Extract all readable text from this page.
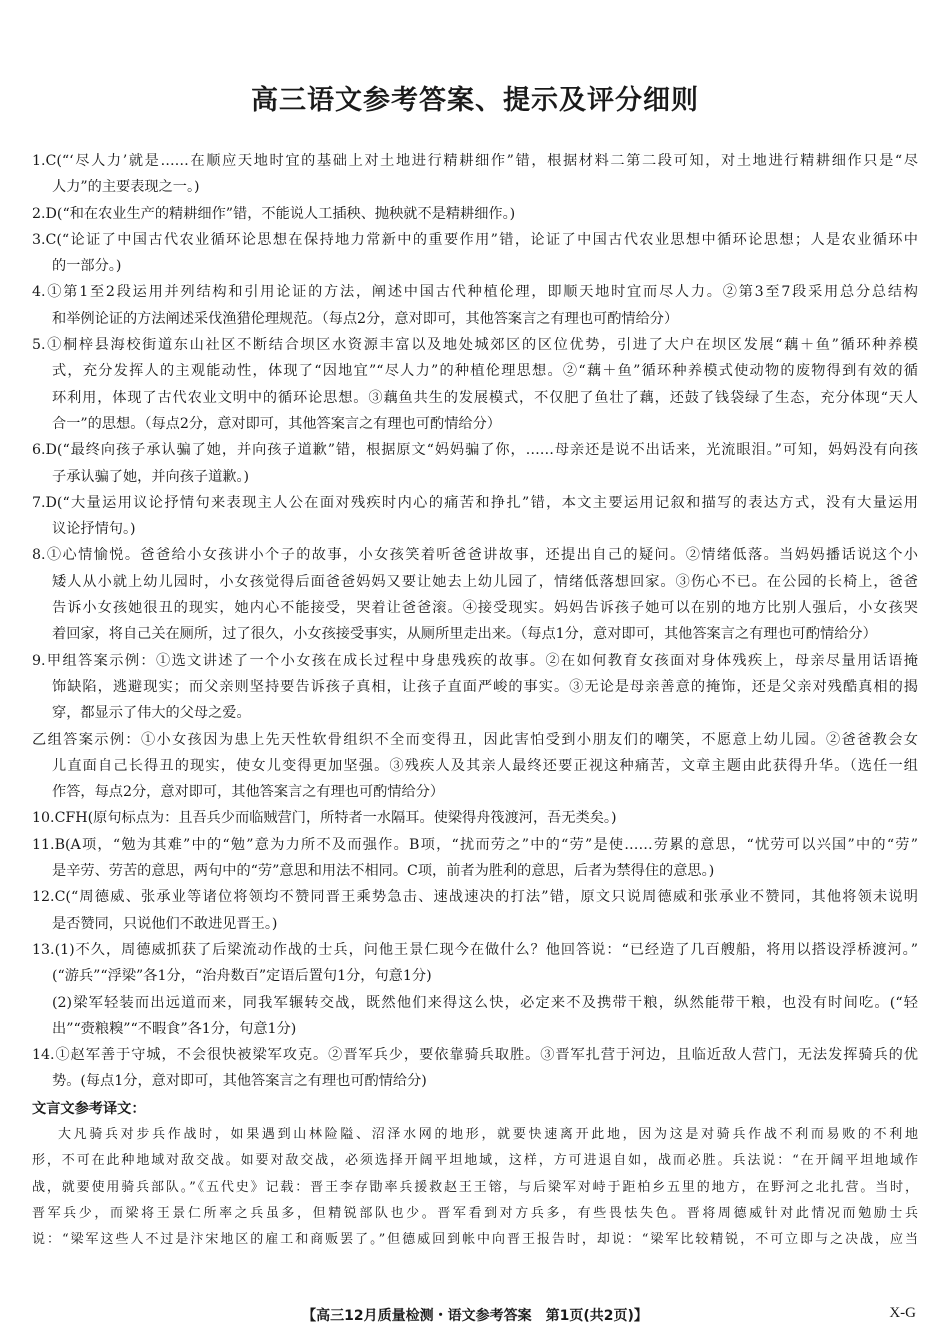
高三语文参考答案、提示及评分细则
1.C(“‘尽人力’就是……在顺应天地时宜的基础上对土地进行精耕细作”错，根据材料二第二段可知，对土地进行精耕细作只是“尽
人力”的主要表现之一。)
2.D(“和在农业生产的精耕细作”错，不能说人工插秧、抛秧就不是精耕细作。)
3.C(“论证了中国古代农业循环论思想在保持地力常新中的重要作用”错，论证了中国古代农业思想中循环论思想；人是农业循环中
的一部分。)
4.①第1至2段运用并列结构和引用论证的方法，阐述中国古代种植伦理，即顺天地时宜而尽人力。②第3至7段采用总分总结构
和举例论证的方法阐述采伐渔猎伦理规范。（每点2分，意对即可，其他答案言之有理也可酌情给分）
5.①桐梓县海校街道东山社区不断结合坝区水资源丰富以及地处城郊区的区位优势，引进了大户在坝区发展“藕＋鱼”循环种养模
式，充分发挥人的主观能动性，体现了“因地宜”“尽人力”的种植伦理思想。②“藕＋鱼”循环种养模式使动物的废物得到有效的循
环利用，体现了古代农业文明中的循环论思想。③藕鱼共生的发展模式，不仅肥了鱼壮了藕，还鼓了钱袋绿了生态，充分体现“天人
合一”的思想。（每点2分，意对即可，其他答案言之有理也可酌情给分）
6.D(“最终向孩子承认骗了她，并向孩子道歉”错，根据原文“妈妈骗了你，……母亲还是说不出话来，光流眼泪。”可知，妈妈没有向孩
子承认骗了她，并向孩子道歉。)
7.D(“大量运用议论抒情句来表现主人公在面对残疾时内心的痛苦和挣扎”错，本文主要运用记叙和描写的表达方式，没有大量运用
议论抒情句。)
8.①心情愉悦。爸爸给小女孩讲小个子的故事，小女孩笑着听爸爸讲故事，还提出自己的疑问。②情绪低落。当妈妈播话说这个小
矮人从小就上幼儿园时，小女孩觉得后面爸爸妈妈又要让她去上幼儿园了，情绪低落想回家。③伤心不已。在公园的长椅上，爸爸
告诉小女孩她很丑的现实，她内心不能接受，哭着让爸爸滚。④接受现实。妈妈告诉孩子她可以在别的地方比别人强后，小女孩哭
着回家，将自己关在厕所，过了很久，小女孩接受事实，从厕所里走出来。（每点1分，意对即可，其他答案言之有理也可酌情给分）
9.甲组答案示例：①选文讲述了一个小女孩在成长过程中身患残疾的故事。②在如何教育女孩面对身体残疾上，母亲尽量用话语掩
饰缺陷，逃避现实；而父亲则坚持要告诉孩子真相，让孩子直面严峻的事实。③无论是母亲善意的掩饰，还是父亲对残酷真相的揭
穿，都显示了伟大的父母之爱。
乙组答案示例：①小女孩因为患上先天性软骨组织不全而变得丑，因此害怕受到小朋友们的嘲笑，不愿意上幼儿园。②爸爸教会女
儿直面自己长得丑的现实，使女儿变得更加坚强。③残疾人及其亲人最终还要正视这种痛苦，文章主题由此获得升华。（选任一组
作答，每点2分，意对即可，其他答案言之有理也可酌情给分）
10.CFH(原句标点为：且吾兵少而临贼营门，所特者一水隔耳。使梁得舟筏渡河，吾无类矣。)
11.B(A项，“勉为其难”中的“勉”意为力所不及而强作。B项，“扰而劳之”中的“劳”是使……劳累的意思，“忧劳可以兴国”中的“劳”
是辛劳、劳苦的意思，两句中的“劳”意思和用法不相同。C项，前者为胜利的意思，后者为禁得住的意思。)
12.C(“周德威、张承业等诸位将领均不赞同晋王乘势急击、速战速决的打法”错，原文只说周德威和张承业不赞同，其他将领未说明
是否赞同，只说他们不敢进见晋王。)
13.(1)不久，周德威抓获了后梁流动作战的士兵，问他王景仁现今在做什么？他回答说：“已经造了几百艘船，将用以搭设浮桥渡河。”
(“游兵”“浮梁”各1分，“治舟数百”定语后置句1分，句意1分)
(2)梁军轻装而出远道而来，同我军辗转交战，既然他们来得这么快，必定来不及携带干粮，纵然能带干粮，也没有时间吃。(“轻
出”“赍粮糗”“不暇食”各1分，句意1分)
14.①赵军善于守城，不会很快被梁军攻克。②晋军兵少，要依靠骑兵取胜。③晋军扎营于河边，且临近敌人营门，无法发挥骑兵的优
势。(每点1分，意对即可，其他答案言之有理也可酌情给分)
文言文参考译文：
大凡骑兵对步兵作战时，如果遇到山林险隘、沼泽水网的地形，就要快速离开此地，因为这是对骑兵作战不利而易败的不利地
形，不可在此种地域对敌交战。如要对敌交战，必须选择开阔平坦地域，这样，方可进退自如，战而必胜。兵法说：“在开阔平坦地域作
战，就要使用骑兵部队。”《五代史》记载：晋王李存勖率兵援救赵王王镕，与后梁军对峙于距柏乡五里的地方，在野河之北扎营。当时，
晋军兵少，而梁将王景仁所率之兵虽多，但精锐部队也少。晋军看到对方兵多，有些畏怯失色。晋将周德威针对此情况而勉励士兵
说：“梁军这些人不过是汴宋地区的雇工和商贩罢了。”但德威回到帐中向晋王报告时，却说：“梁军比较精锐，不可立即与之决战，应当
【高三12月质量检测・语文参考答案　第1页(共2页)】	X-G
